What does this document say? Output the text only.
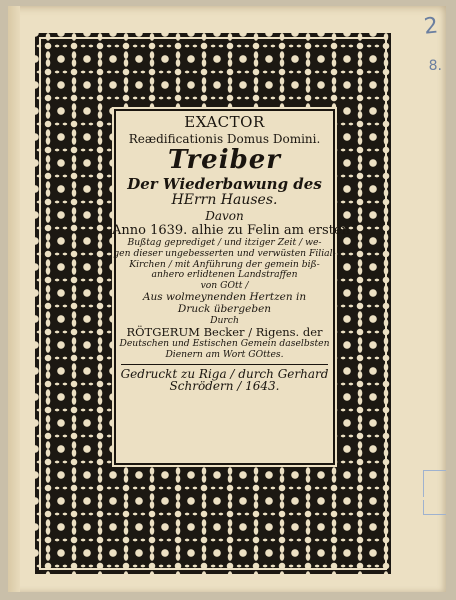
2
8.
EXACTOR
Reædificationis Domus Domini.
Treiber
Der Wiederbawung des
HErrn Hauses.
Davon
Anno 1639. alhie zu Felin am ersten
Bußtag geprediget / und itziger Zeit / we-
gen dieser ungebesserten und verwüsten Filial-
Kirchen / mit Anführung der gemein biß-
anhero erlidtenen Landstraffen
von GOtt /
Aus wolmeynenden Hertzen in
Druck übergeben
Durch
RÖTGERUM Becker / Rigens. der
Deutschen und Estischen Gemein daselbsten
Dienern am Wort GOttes.
Gedruckt zu Riga / durch Gerhard
Schrödern / 1643.
